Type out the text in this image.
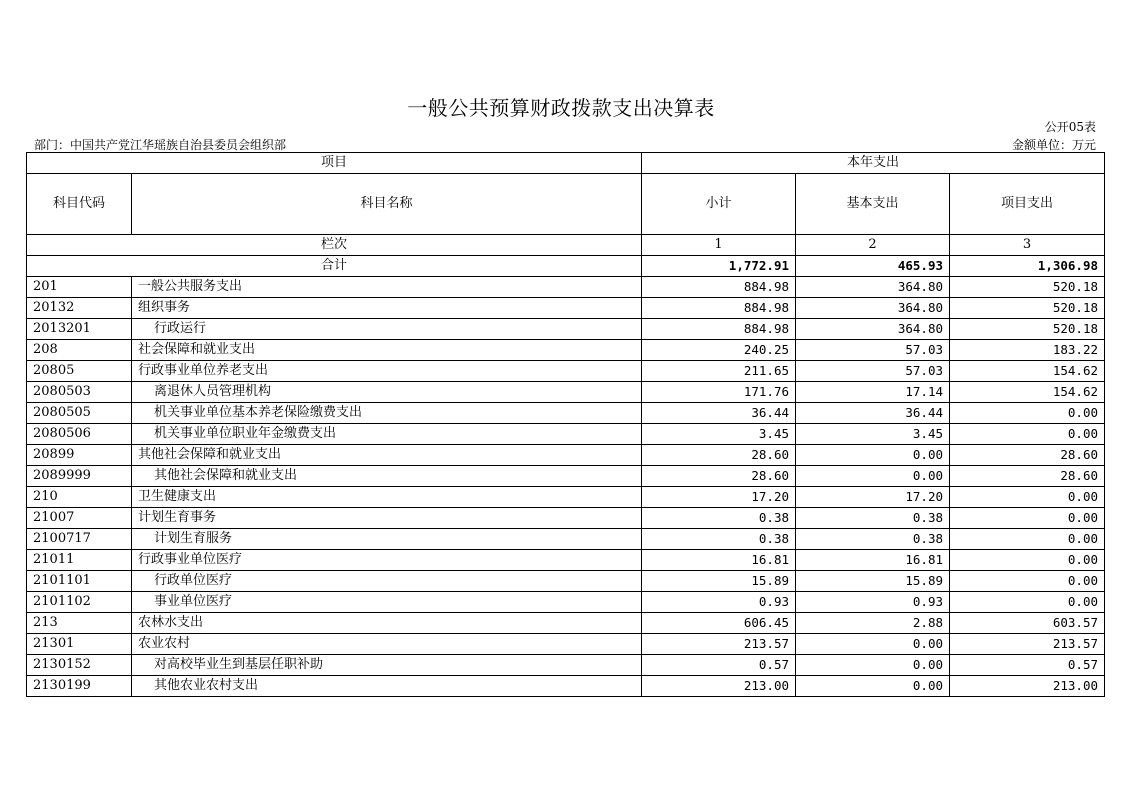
一般公共预算财政拨款支出决算表
公开05表
部门：中国共产党江华瑶族自治县委员会组织部	金额单位：万元
项目		本年支出		
科目代码	科目名称	小计	基本支出	项目支出
栏次		1	2	3
合计		1,772.91	465.93	1,306.98
201	一般公共服务支出	884.98	364.80	520.18
20132	组织事务	884.98	364.80	520.18
2013201	行政运行	884.98	364.80	520.18
208	社会保障和就业支出	240.25	57.03	183.22
20805	行政事业单位养老支出	211.65	57.03	154.62
2080503	离退休人员管理机构	171.76	17.14	154.62
2080505	机关事业单位基本养老保险缴费支出	36.44	36.44	0.00
2080506	机关事业单位职业年金缴费支出	3.45	3.45	0.00
20899	其他社会保障和就业支出	28.60	0.00	28.60
2089999	其他社会保障和就业支出	28.60	0.00	28.60
210	卫生健康支出	17.20	17.20	0.00
21007	计划生育事务	0.38	0.38	0.00
2100717	计划生育服务	0.38	0.38	0.00
21011	行政事业单位医疗	16.81	16.81	0.00
2101101	行政单位医疗	15.89	15.89	0.00
2101102	事业单位医疗	0.93	0.93	0.00
213	农林水支出	606.45	2.88	603.57
21301	农业农村	213.57	0.00	213.57
2130152	对高校毕业生到基层任职补助	0.57	0.00	0.57
2130199	其他农业农村支出	213.00	0.00	213.00
